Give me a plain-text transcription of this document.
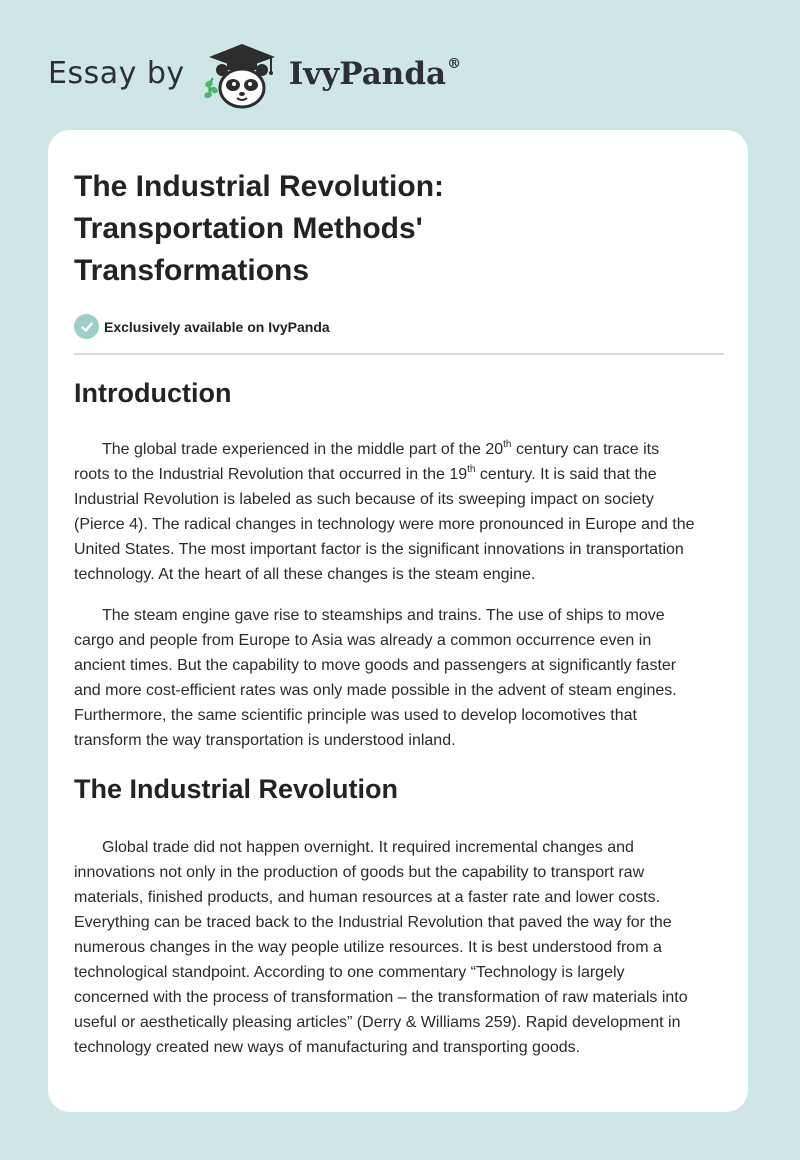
Essay by	IvyPanda®
The Industrial Revolution:
Transportation Methods'
Transformations
Exclusively available on IvyPanda
Introduction

The global trade experienced in the middle part of the 20th century can trace its
roots to the Industrial Revolution that occurred in the 19th century. It is said that the
Industrial Revolution is labeled as such because of its sweeping impact on society
(Pierce 4). The radical changes in technology were more pronounced in Europe and the
United States. The most important factor is the significant innovations in transportation
technology. At the heart of all these changes is the steam engine.

The steam engine gave rise to steamships and trains. The use of ships to move
cargo and people from Europe to Asia was already a common occurrence even in
ancient times. But the capability to move goods and passengers at significantly faster
and more cost-efficient rates was only made possible in the advent of steam engines.
Furthermore, the same scientific principle was used to develop locomotives that
transform the way transportation is understood inland.

The Industrial Revolution

Global trade did not happen overnight. It required incremental changes and
innovations not only in the production of goods but the capability to transport raw
materials, finished products, and human resources at a faster rate and lower costs.
Everything can be traced back to the Industrial Revolution that paved the way for the
numerous changes in the way people utilize resources. It is best understood from a
technological standpoint. According to one commentary “Technology is largely
concerned with the process of transformation – the transformation of raw materials into
useful or aesthetically pleasing articles” (Derry & Williams 259). Rapid development in
technology created new ways of manufacturing and transporting goods.
